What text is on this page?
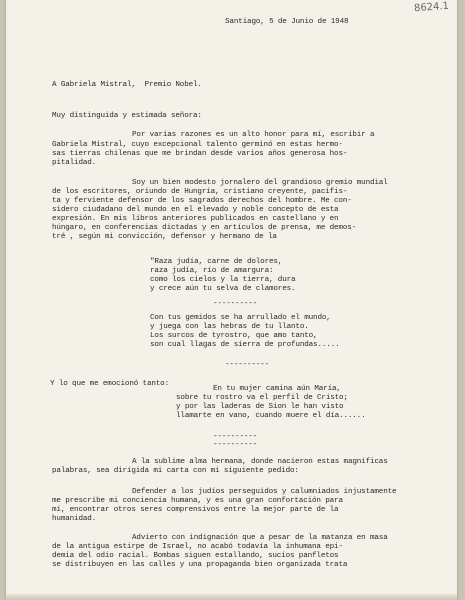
8624.1
Santiago, 5 de Junio de 1948
A Gabriela Mistral,  Premio Nobel.
Muy distinguida y estimada señora:
Por varias razones es un alto honor para mí, escribir a
Gabriela Mistral, cuyo excepcional talento germinó en estas hermo-
sas tierras chilenas que me brindan desde varios años generosa hos-
pitalidad.
Soy un bien modesto jornalero del grandioso gremio mundial
de los escritores, oriundo de Hungría, cristiano creyente, pacifis-
ta y ferviente defensor de los sagrados derechos del hombre. Me con-
sidero ciudadano del mundo en el elevado y noble concepto de esta
expresión. En mis libros anteriores publicados en castellano y en
húngaro, en conferencias dictadas y en artículos de prensa, me demos-
tré , según mi convicción, defensor y hermano de la
"Raza judía, carne de dolores,
raza judía, río de amargura:
como los cielos y la tierra, dura
y crece aún tu selva de clamores.
----------
Con tus gemidos se ha arrullado el mundo,
y juega con las hebras de tu llanto.
Los surcos de tyrostro, que amo tanto,
son cual llagas de sierra de profundas.....
----------
Y lo que me emocionó tanto:
En tu mujer camina aún María,
sobre tu rostro va el perfil de Cristo;
y por las laderas de Sion le han visto
llamarte en vano, cuando muere el día......
----------
----------
A la sublime alma hermana, donde nacieron estas magníficas
palabras, sea dirigida mi carta con mi siguiente pedido:
Defender a los judíos perseguidos y calumniados injustamente
me prescribe mi conciencia humana, y es una gran confortación para
mí, encontrar otros seres comprensivos entre la mejor parte de la
humanidad.
Advierto con indignación que a pesar de la matanza en masa
de la antigua estirpe de Israel, no acabó todavía la inhumana epi-
demia del odio racial. Bombas siguen estallando, sucios panfletos
se distribuyen en las calles y una propaganda bien organizada trata
